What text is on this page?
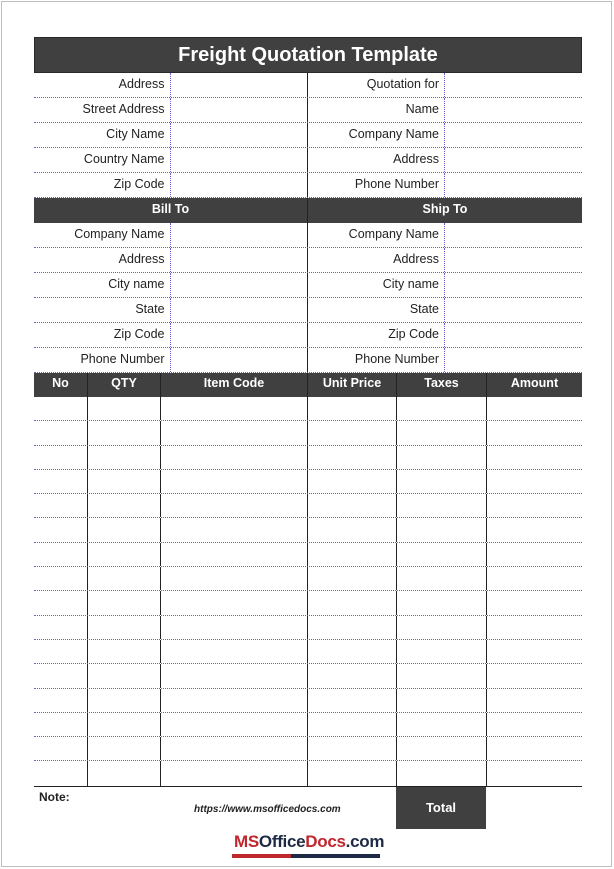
Freight Quotation Template
Address	Quotation for
Street Address	Name
City Name	Company Name
Country Name	Address
Zip Code	Phone Number
Bill To	Ship To
Company Name	Company Name
Address	Address
City name	City name
State	State
Zip Code	Zip Code
Phone Number	Phone Number
No	QTY	Item Code	Unit Price	Taxes	Amount
Note:
https://www.msofficedocs.com	Total
MSOfficeDocs.com
